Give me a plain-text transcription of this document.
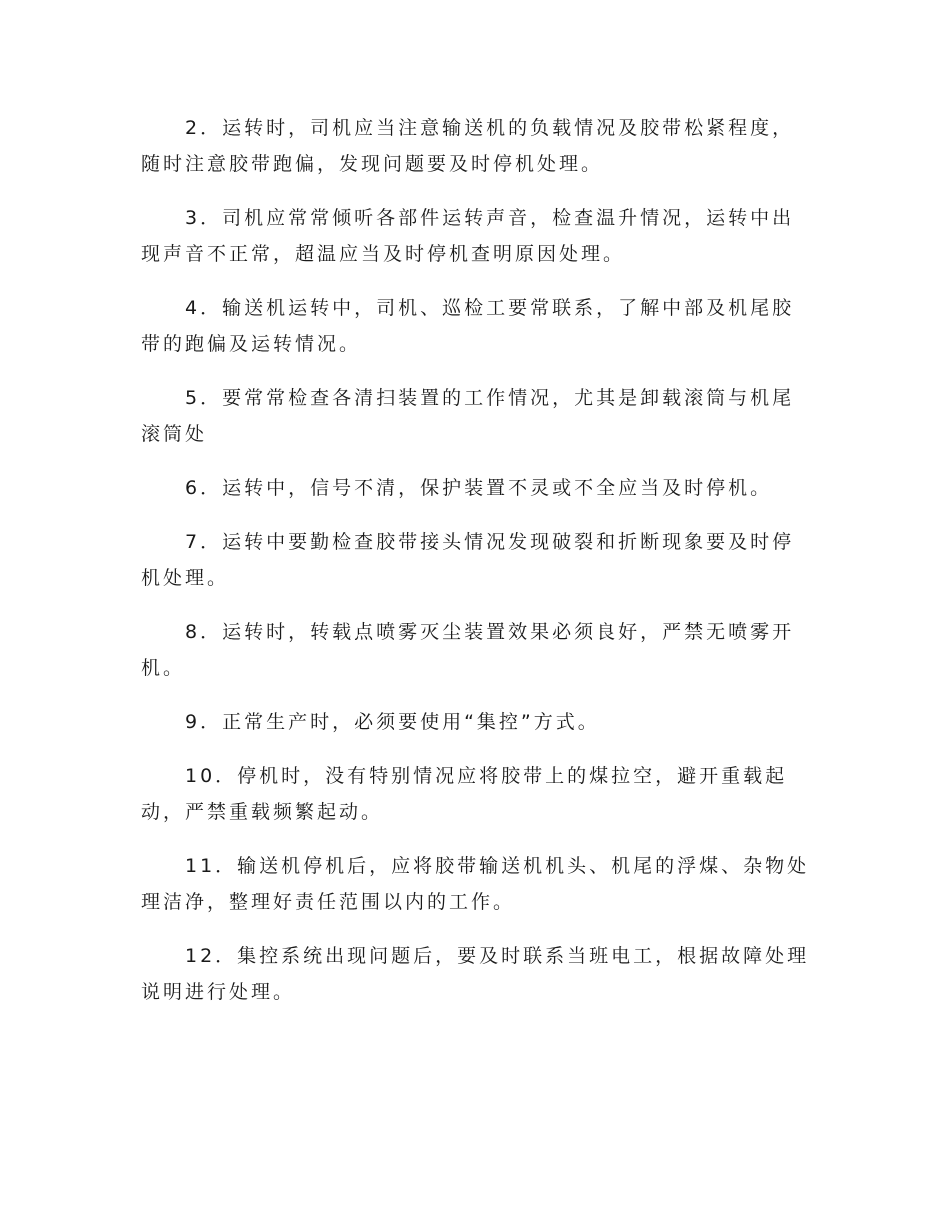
2．运转时，司机应当注意输送机的负载情况及胶带松紧程度，随时注意胶带跑偏，发现问题要及时停机处理。

3．司机应常常倾听各部件运转声音，检查温升情况，运转中出现声音不正常，超温应当及时停机查明原因处理。

4．输送机运转中，司机、巡检工要常联系，了解中部及机尾胶带的跑偏及运转情况。

5．要常常检查各清扫装置的工作情况，尤其是卸载滚筒与机尾滚筒处

6．运转中，信号不清，保护装置不灵或不全应当及时停机。

7．运转中要勤检查胶带接头情况发现破裂和折断现象要及时停机处理。

8．运转时，转载点喷雾灭尘装置效果必须良好，严禁无喷雾开机。

9．正常生产时，必须要使用“集控”方式。

10．停机时，没有特别情况应将胶带上的煤拉空，避开重载起动，严禁重载频繁起动。

11．输送机停机后，应将胶带输送机机头、机尾的浮煤、杂物处理洁净，整理好责任范围以内的工作。

12．集控系统出现问题后，要及时联系当班电工，根据故障处理说明进行处理。
